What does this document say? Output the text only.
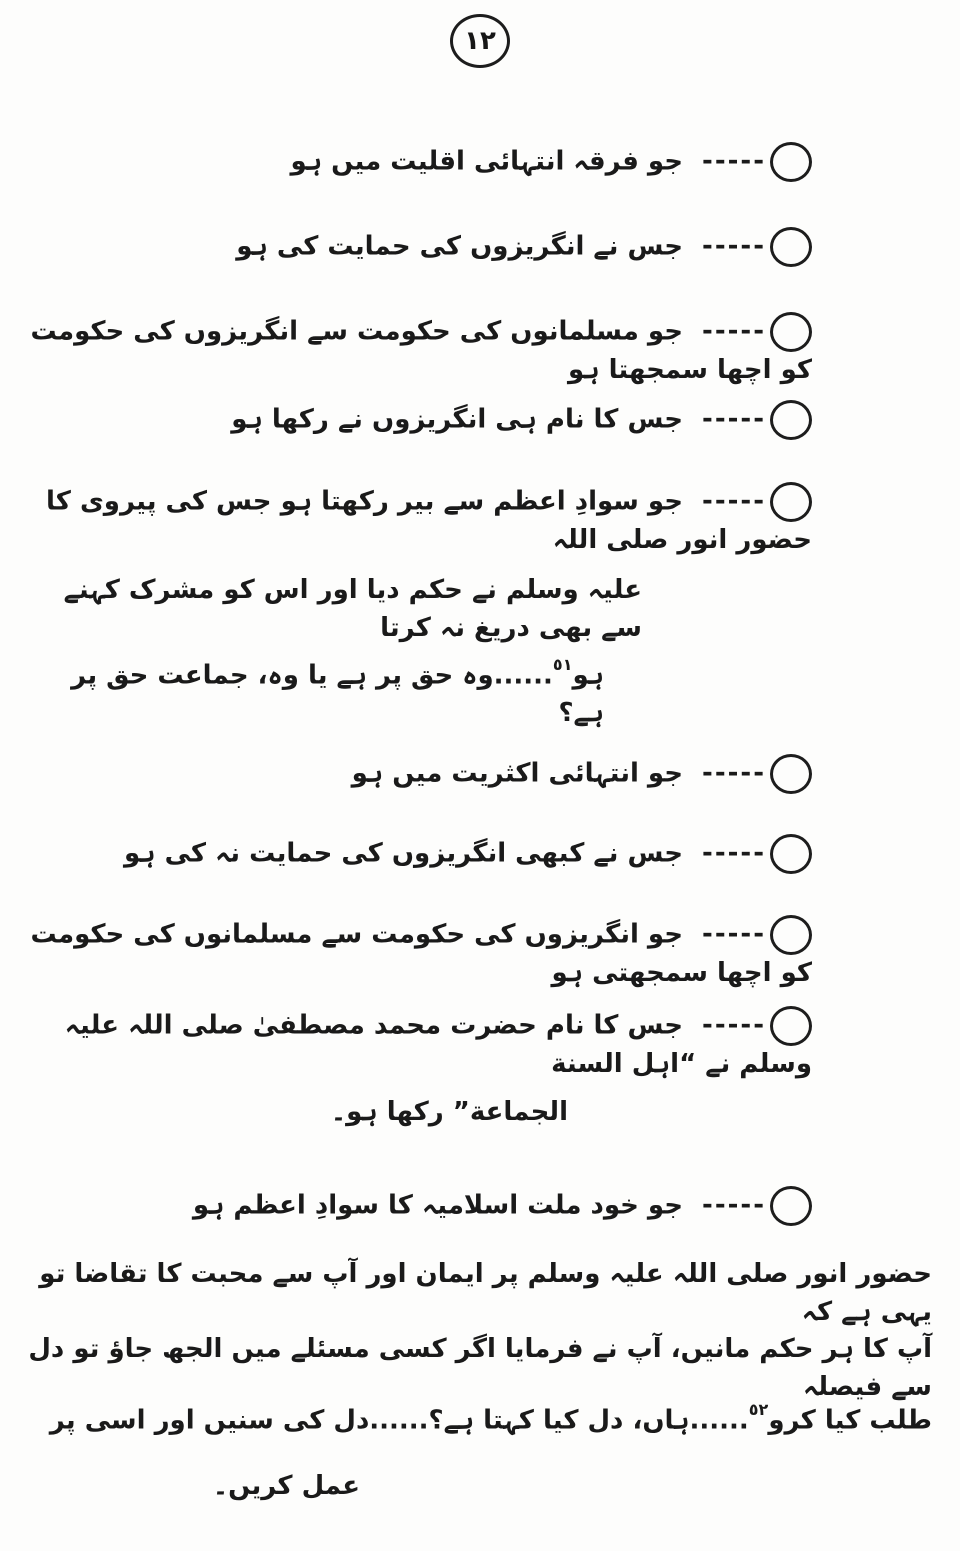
١٢
----- جو فرقہ انتہائی اقلیت میں ہو
----- جس نے انگریزوں کی حمایت کی ہو
----- جو مسلمانوں کی حکومت سے انگریزوں کی حکومت کو اچھا سمجھتا ہو
----- جس کا نام ہی انگریزوں نے رکھا ہو
----- جو سوادِ اعظم سے بیر رکھتا ہو جس کی پیروی کا حضور انور صلی اللہ
علیہ وسلم نے حکم دیا اور اس کو مشرک کہنے سے بھی دریغ نہ کرتا
ہو$^{٥١}$......وہ حق پر ہے یا وہ، جماعت حق پر ہے؟
----- جو انتہائی اکثریت میں ہو
----- جس نے کبھی انگریزوں کی حمایت نہ کی ہو
----- جو انگریزوں کی حکومت سے مسلمانوں کی حکومت کو اچھا سمجھتی ہو
----- جس کا نام حضرت محمد مصطفیٰ صلی اللہ علیہ وسلم نے “اہل السنة
الجماعة” رکھا ہو۔
----- جو خود ملت اسلامیہ کا سوادِ اعظم ہو
حضور انور صلی اللہ علیہ وسلم پر ایمان اور آپ سے محبت کا تقاضا تو یہی ہے کہ
آپ کا ہر حکم مانیں، آپ نے فرمایا اگر کسی مسئلے میں الجھ جاؤ تو دل سے فیصلہ
طلب کیا کرو$^{٥٢}$......ہاں، دل کیا کہتا ہے؟......دل کی سنیں اور اسی پر
عمل کریں۔
